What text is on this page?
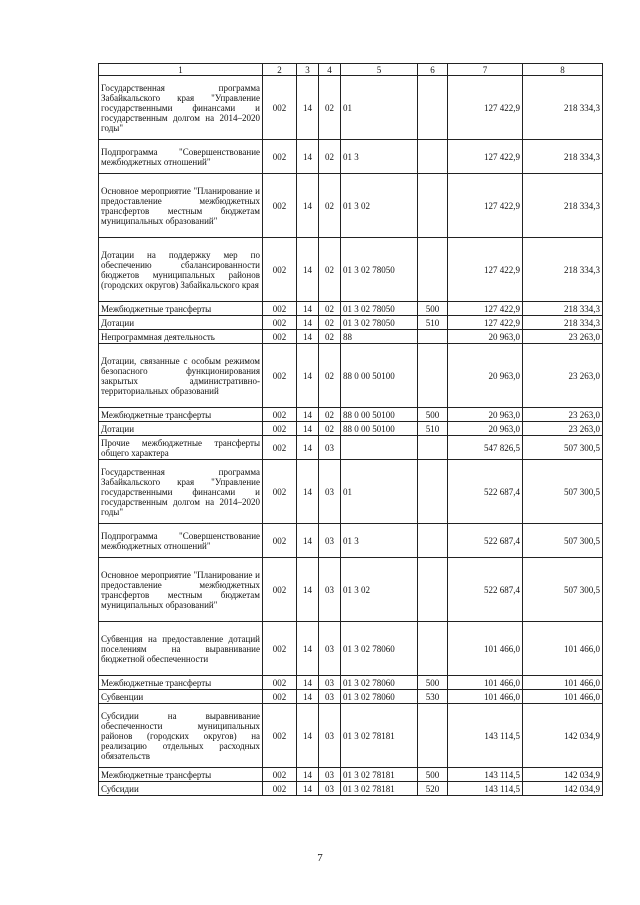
1	2	3	4	5	6	7	8
Государственная программа Забайкальского края "Управление государственными финансами и государственным долгом на 2014–2020 годы"	002	14	02	01		127 422,9	218 334,3
Подпрограмма "Совершенствование межбюджетных отношений"	002	14	02	01 3		127 422,9	218 334,3
Основное мероприятие "Планирование и предоставление межбюджетных трансфертов местным бюджетам муниципальных образований"	002	14	02	01 3 02		127 422,9	218 334,3
Дотации на поддержку мер по обеспечению сбалансированности бюджетов муниципальных районов (городских округов) Забайкальского края	002	14	02	01 3 02 78050		127 422,9	218 334,3
Межбюджетные трансферты	002	14	02	01 3 02 78050	500	127 422,9	218 334,3
Дотации	002	14	02	01 3 02 78050	510	127 422,9	218 334,3
Непрограммная деятельность	002	14	02	88		20 963,0	23 263,0
Дотации, связанные с особым режимом безопасного функционирования закрытых административно-территориальных образований	002	14	02	88 0 00 50100		20 963,0	23 263,0
Межбюджетные трансферты	002	14	02	88 0 00 50100	500	20 963,0	23 263,0
Дотации	002	14	02	88 0 00 50100	510	20 963,0	23 263,0
Прочие межбюджетные трансферты общего характера	002	14	03			547 826,5	507 300,5
Государственная программа Забайкальского края "Управление государственными финансами и государственным долгом на 2014–2020 годы"	002	14	03	01		522 687,4	507 300,5
Подпрограмма "Совершенствование межбюджетных отношений"	002	14	03	01 3		522 687,4	507 300,5
Основное мероприятие "Планирование и предоставление межбюджетных трансфертов местным бюджетам муниципальных образований"	002	14	03	01 3 02		522 687,4	507 300,5
Субвенция на предоставление дотаций поселениям на выравнивание бюджетной обеспеченности	002	14	03	01 3 02 78060		101 466,0	101 466,0
Межбюджетные трансферты	002	14	03	01 3 02 78060	500	101 466,0	101 466,0
Субвенции	002	14	03	01 3 02 78060	530	101 466,0	101 466,0
Субсидии на выравнивание обеспеченности муниципальных районов (городских округов) на реализацию отдельных расходных обязательств	002	14	03	01 3 02 78181		143 114,5	142 034,9
Межбюджетные трансферты	002	14	03	01 3 02 78181	500	143 114,5	142 034,9
Субсидии	002	14	03	01 3 02 78181	520	143 114,5	142 034,9
7
